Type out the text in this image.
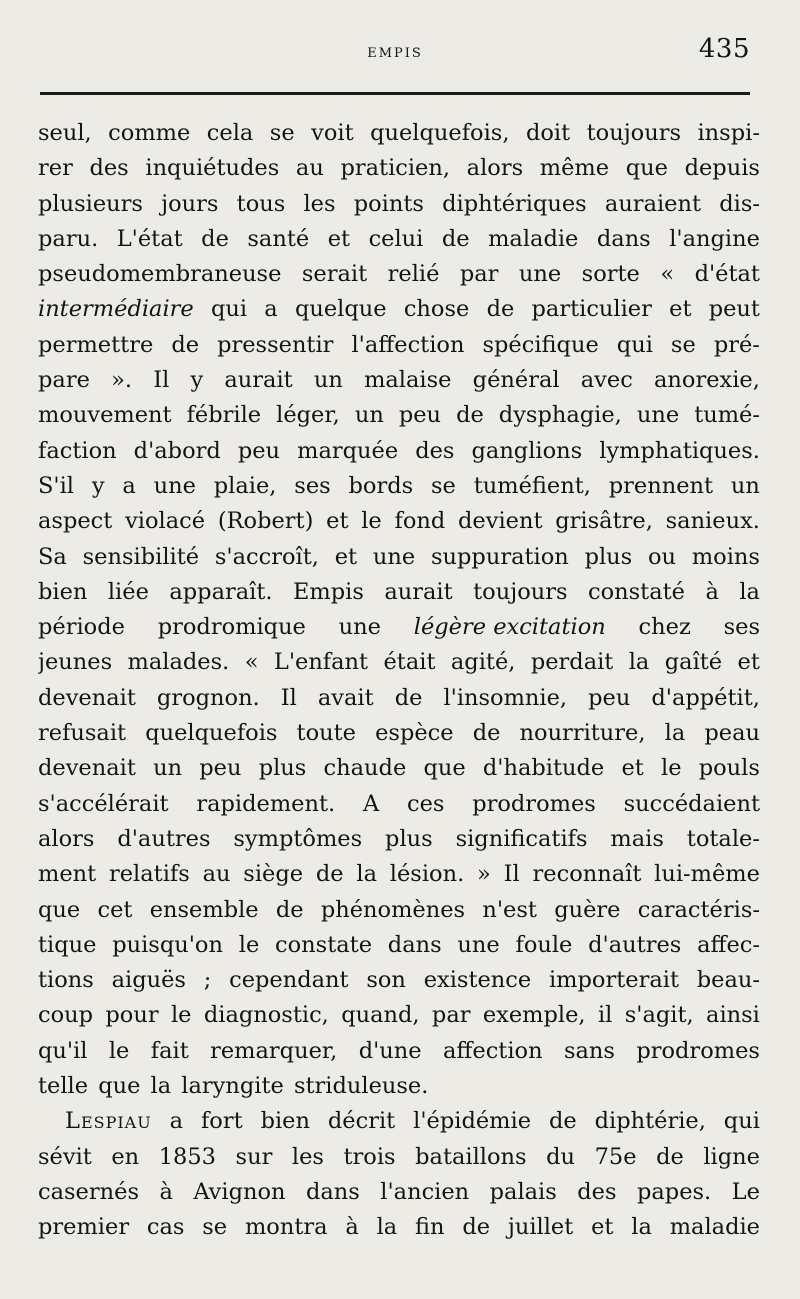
EMPIS	435
seul, comme cela se voit quelquefois, doit toujours inspi-
rer des inquiétudes au praticien, alors même que depuis
plusieurs jours tous les points diphtériques auraient dis-
paru. L'état de santé et celui de maladie dans l'angine
pseudomembraneuse serait relié par une sorte « d'état
intermédiaire qui a quelque chose de particulier et peut
permettre de pressentir l'affection spécifique qui se pré-
pare ». Il y aurait un malaise général avec anorexie,
mouvement fébrile léger, un peu de dysphagie, une tumé-
faction d'abord peu marquée des ganglions lymphatiques.
S'il y a une plaie, ses bords se tuméfient, prennent un
aspect violacé (Robert) et le fond devient grisâtre, sanieux.
Sa sensibilité s'accroît, et une suppuration plus ou moins
bien liée apparaît. Empis aurait toujours constaté à la
période prodromique une légère excitation chez ses
jeunes malades. « L'enfant était agité, perdait la gaîté et
devenait grognon. Il avait de l'insomnie, peu d'appétit,
refusait quelquefois toute espèce de nourriture, la peau
devenait un peu plus chaude que d'habitude et le pouls
s'accélérait rapidement. A ces prodromes succédaient
alors d'autres symptômes plus significatifs mais totale-
ment relatifs au siège de la lésion. » Il reconnaît lui-même
que cet ensemble de phénomènes n'est guère caractéris-
tique puisqu'on le constate dans une foule d'autres affec-
tions aiguës ; cependant son existence importerait beau-
coup pour le diagnostic, quand, par exemple, il s'agit, ainsi
qu'il le fait remarquer, d'une affection sans prodromes
telle que la laryngite striduleuse.
Lespiau a fort bien décrit l'épidémie de diphtérie, qui
sévit en 1853 sur les trois bataillons du 75e de ligne
casernés à Avignon dans l'ancien palais des papes. Le
premier cas se montra à la fin de juillet et la maladie
